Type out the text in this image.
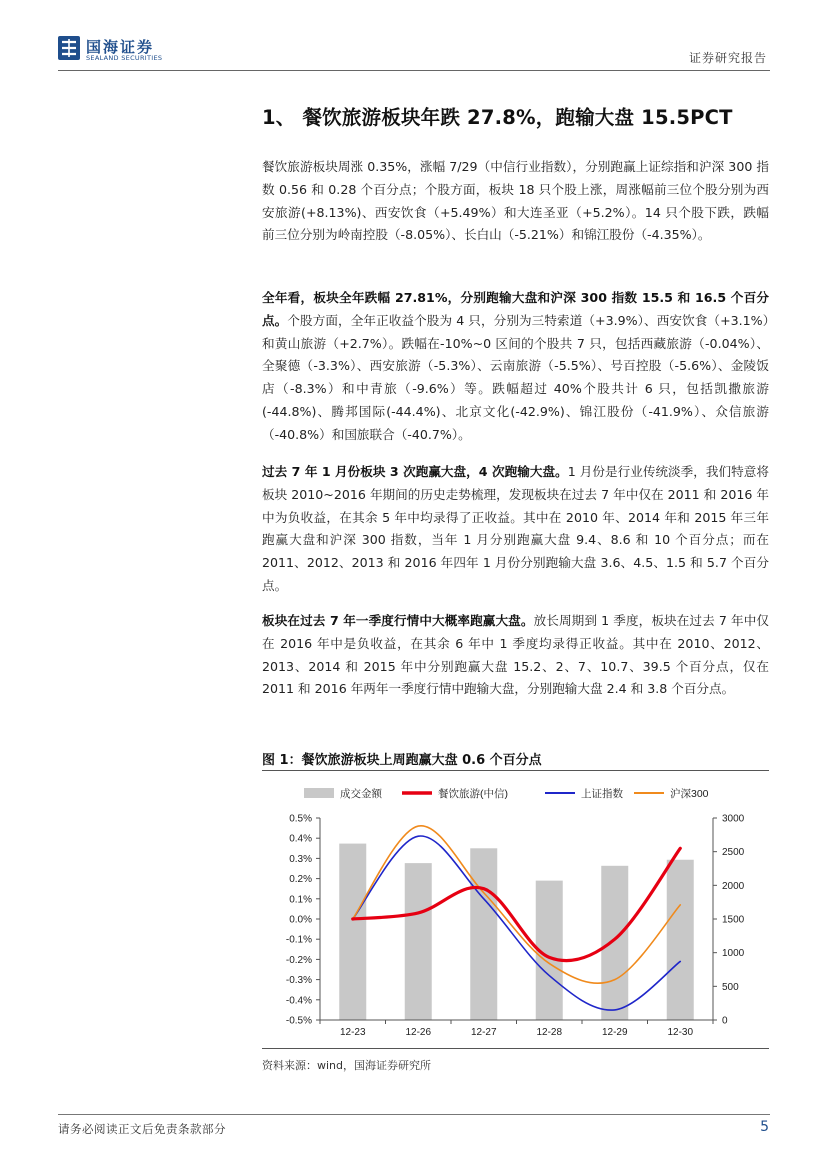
国海证券
SEALAND SECURITIES	证券研究报告
1、 餐饮旅游板块年跌 27.8%，跑输大盘 15.5PCT
餐饮旅游板块周涨 0.35%，涨幅 7/29（中信行业指数），分别跑赢上证综指和沪深 300 指数 0.56 和 0.28 个百分点；个股方面，板块 18 只个股上涨，周涨幅前三位个股分别为西安旅游(+8.13%)、西安饮食（+5.49%）和大连圣亚（+5.2%）。14 只个股下跌，跌幅前三位分别为岭南控股（-8.05%）、长白山（-5.21%）和锦江股份（-4.35%）。
全年看，板块全年跌幅 27.81%，分别跑输大盘和沪深 300 指数 15.5 和 16.5 个百分点。个股方面，全年正收益个股为 4 只，分别为三特索道（+3.9%）、西安饮食（+3.1%）和黄山旅游（+2.7%）。跌幅在-10%~0 区间的个股共 7 只，包括西藏旅游（-0.04%）、全聚德（-3.3%）、西安旅游（-5.3%）、云南旅游（-5.5%）、号百控股（-5.6%）、金陵饭店（-8.3%）和中青旅（-9.6%）等。跌幅超过 40%个股共计 6 只，包括凯撒旅游(-44.8%)、腾邦国际(-44.4%)、北京文化(-42.9%)、锦江股份（-41.9%）、众信旅游（-40.8%）和国旅联合（-40.7%）。
过去 7 年 1 月份板块 3 次跑赢大盘，4 次跑输大盘。1 月份是行业传统淡季，我们特意将板块 2010~2016 年期间的历史走势梳理，发现板块在过去 7 年中仅在 2011 和 2016 年中为负收益，在其余 5 年中均录得了正收益。其中在 2010 年、2014 年和 2015 年三年跑赢大盘和沪深 300 指数，当年 1 月分别跑赢大盘 9.4、8.6 和 10 个百分点；而在 2011、2012、2013 和 2016 年四年 1 月份分别跑输大盘 3.6、4.5、1.5 和 5.7 个百分点。
板块在过去 7 年一季度行情中大概率跑赢大盘。放长周期到 1 季度，板块在过去 7 年中仅在 2016 年中是负收益，在其余 6 年中 1 季度均录得正收益。其中在 2010、2012、2013、2014 和 2015 年中分别跑赢大盘 15.2、2、7、10.7、39.5 个百分点，仅在 2011 和 2016 年两年一季度行情中跑输大盘，分别跑输大盘 2.4 和 3.8 个百分点。
图 1：餐饮旅游板块上周跑赢大盘 0.6 个百分点
成交金额	餐饮旅游(中信)	上证指数	沪深300
-0.5%
-0.4%
-0.3%
-0.2%
-0.1%
0.0%
0.1%
0.2%
0.3%
0.4%
0.5%
0
500
1000
1500
2000
2500
3000
12-23	12-26	12-27	12-28	12-29	12-30
资料来源：wind，国海证券研究所
请务必阅读正文后免责条款部分	5
